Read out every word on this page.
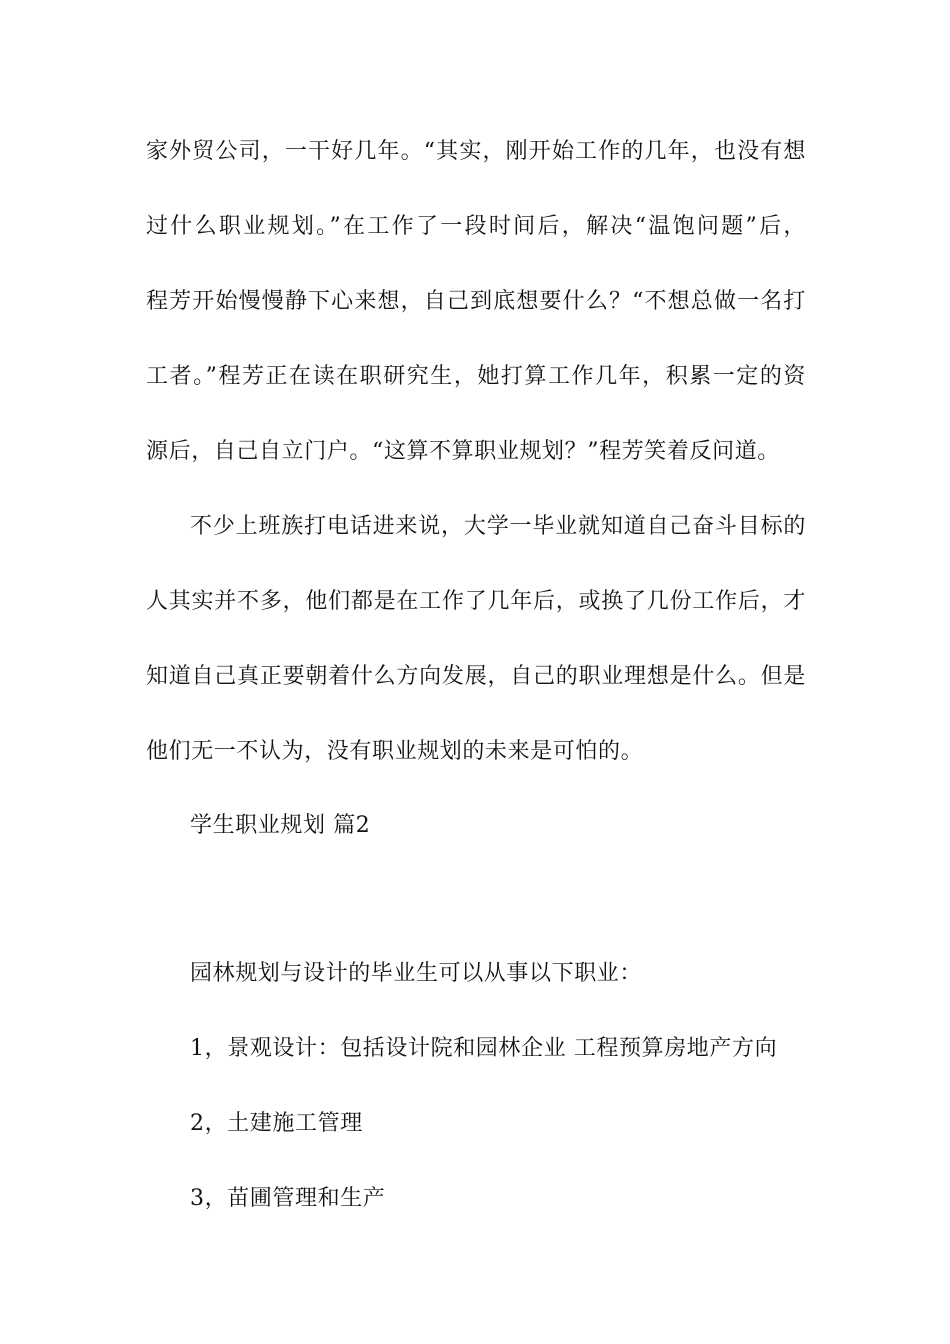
家外贸公司，一干好几年。“其实，刚开始工作的几年，也没有想
过什么职业规划。”在工作了一段时间后，解决“温饱问题”后，
程芳开始慢慢静下心来想，自己到底想要什么？“不想总做一名打
工者。”程芳正在读在职研究生，她打算工作几年，积累一定的资
源后，自己自立门户。“这算不算职业规划？”程芳笑着反问道。
不少上班族打电话进来说，大学一毕业就知道自己奋斗目标的
人其实并不多，他们都是在工作了几年后，或换了几份工作后，才
知道自己真正要朝着什么方向发展，自己的职业理想是什么。但是
他们无一不认为，没有职业规划的未来是可怕的。
学生职业规划 篇2
园林规划与设计的毕业生可以从事以下职业：
1，景观设计：包括设计院和园林企业 工程预算房地产方向
2，土建施工管理
3，苗圃管理和生产
